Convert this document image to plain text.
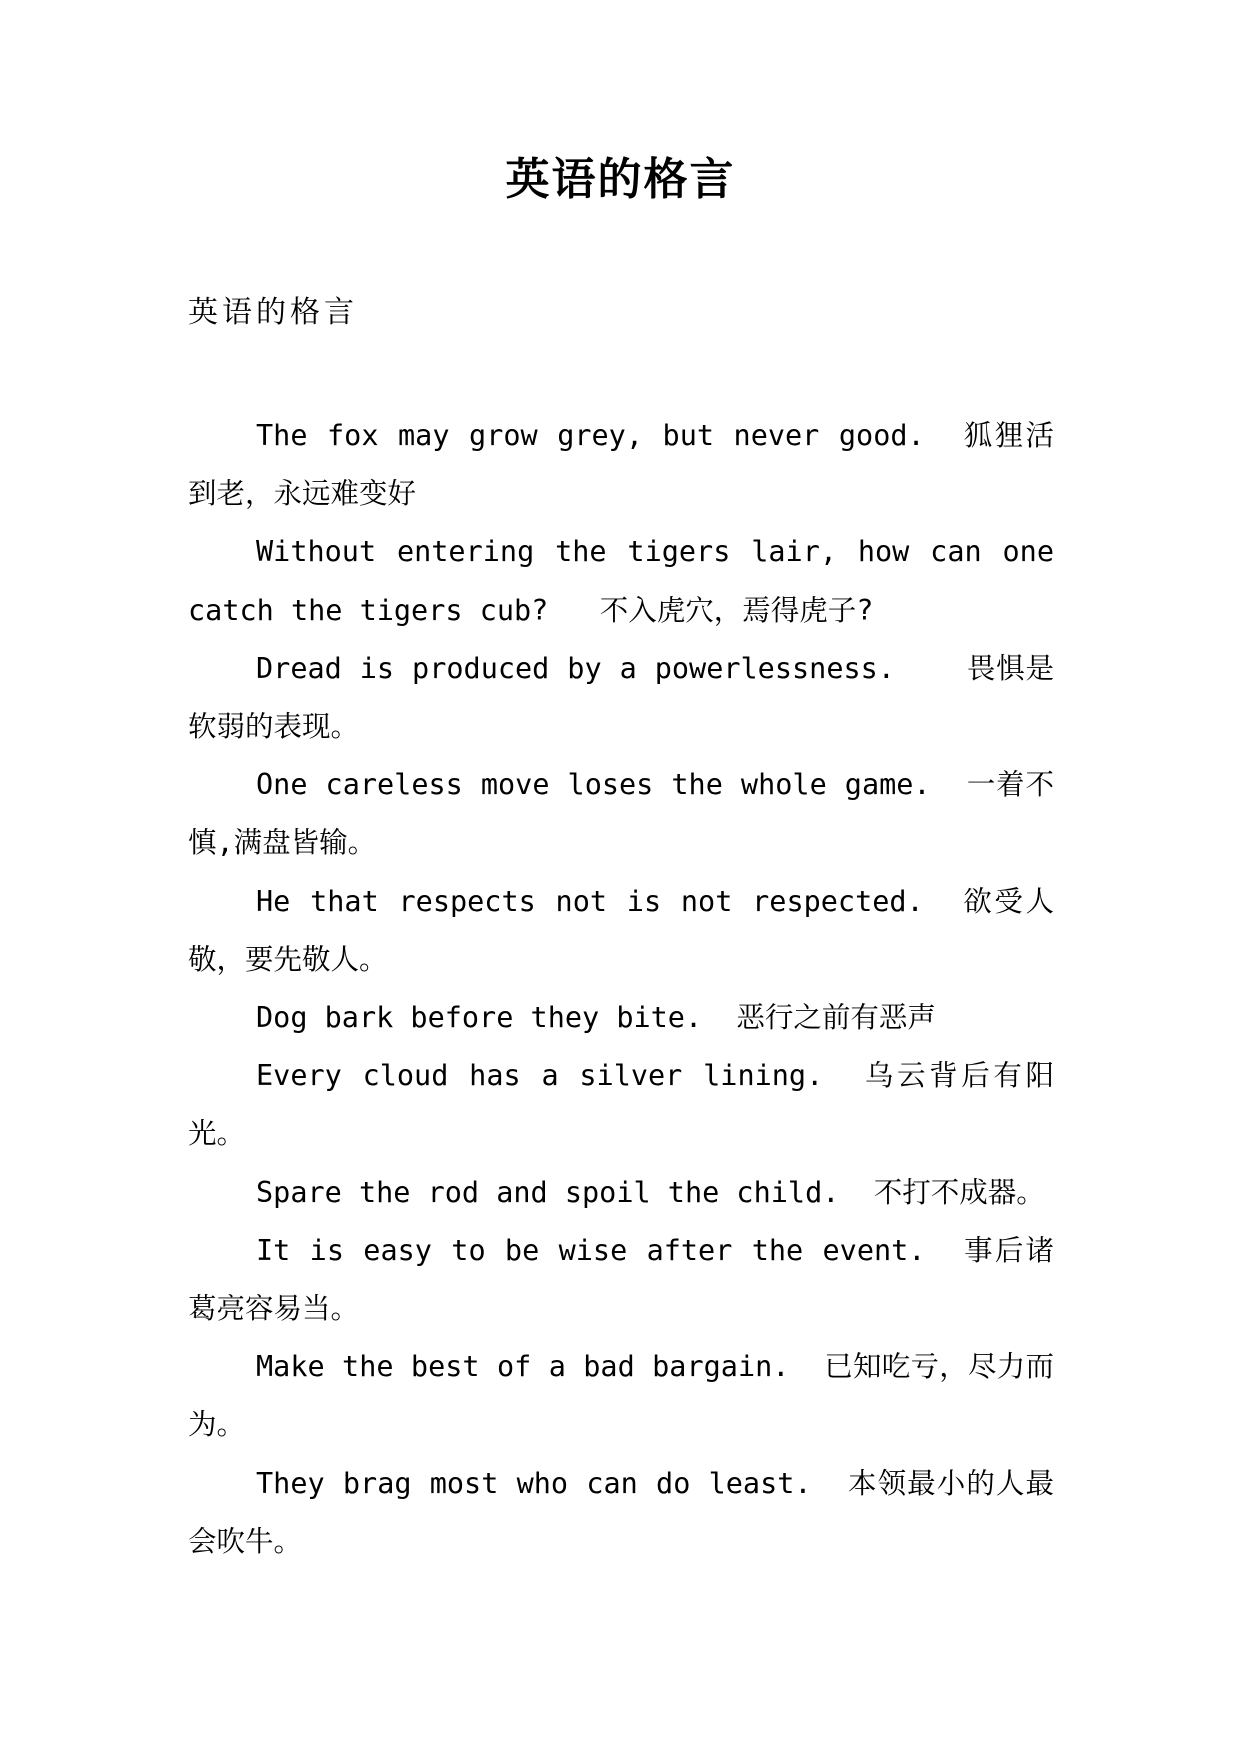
英语的格言
英语的格言

The fox may grow grey, but never good.  狐狸活到老，永远难变好

Without entering the tigers lair, how can one catch the tigers cub?   不入虎穴，焉得虎子?

Dread is produced by a powerlessness.    畏惧是软弱的表现。

One careless move loses the whole game.  一着不慎,满盘皆输。

He that respects not is not respected.  欲受人敬，要先敬人。

Dog bark before they bite.  恶行之前有恶声

Every cloud has a silver lining.  乌云背后有阳光。

Spare the rod and spoil the child.  不打不成器。

It is easy to be wise after the event.  事后诸葛亮容易当。

Make the best of a bad bargain.  已知吃亏，尽力而为。

They brag most who can do least.  本领最小的人最会吹牛。
